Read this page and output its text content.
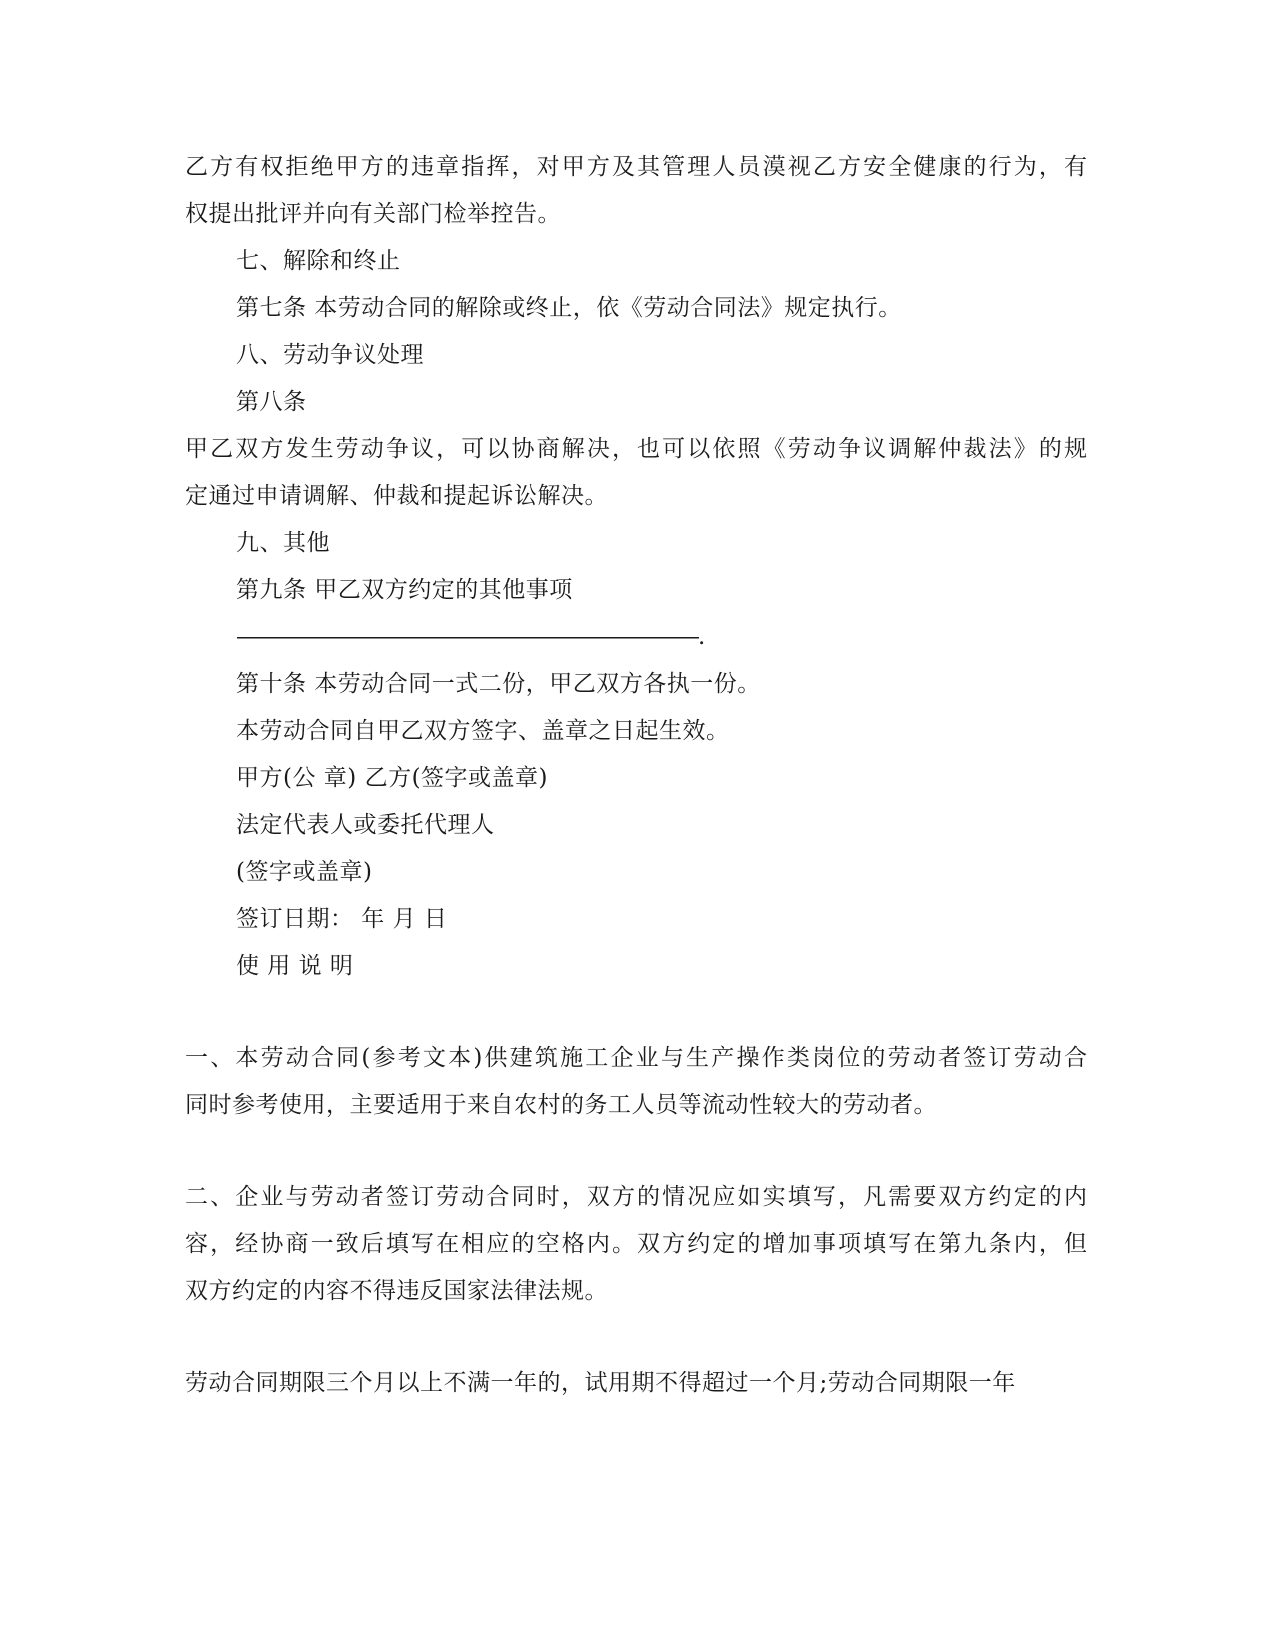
乙方有权拒绝甲方的违章指挥，对甲方及其管理人员漠视乙方安全健康的行为，有
权提出批评并向有关部门检举控告。
七、解除和终止
第七条 本劳动合同的解除或终止，依《劳动合同法》规定执行。
八、劳动争议处理
第八条
甲乙双方发生劳动争议，可以协商解决，也可以依照《劳动争议调解仲裁法》的规
定通过申请调解、仲裁和提起诉讼解决。
九、其他
第九条 甲乙双方约定的其他事项
——————————————————————.
第十条 本劳动合同一式二份，甲乙双方各执一份。
本劳动合同自甲乙双方签字、盖章之日起生效。
甲方(公 章) 乙方(签字或盖章)
法定代表人或委托代理人
(签字或盖章)
签订日期： 年 月 日
使 用 说 明
一、本劳动合同(参考文本)供建筑施工企业与生产操作类岗位的劳动者签订劳动合
同时参考使用，主要适用于来自农村的务工人员等流动性较大的劳动者。
二、企业与劳动者签订劳动合同时，双方的情况应如实填写，凡需要双方约定的内
容，经协商一致后填写在相应的空格内。双方约定的增加事项填写在第九条内，但
双方约定的内容不得违反国家法律法规。
劳动合同期限三个月以上不满一年的，试用期不得超过一个月;劳动合同期限一年
